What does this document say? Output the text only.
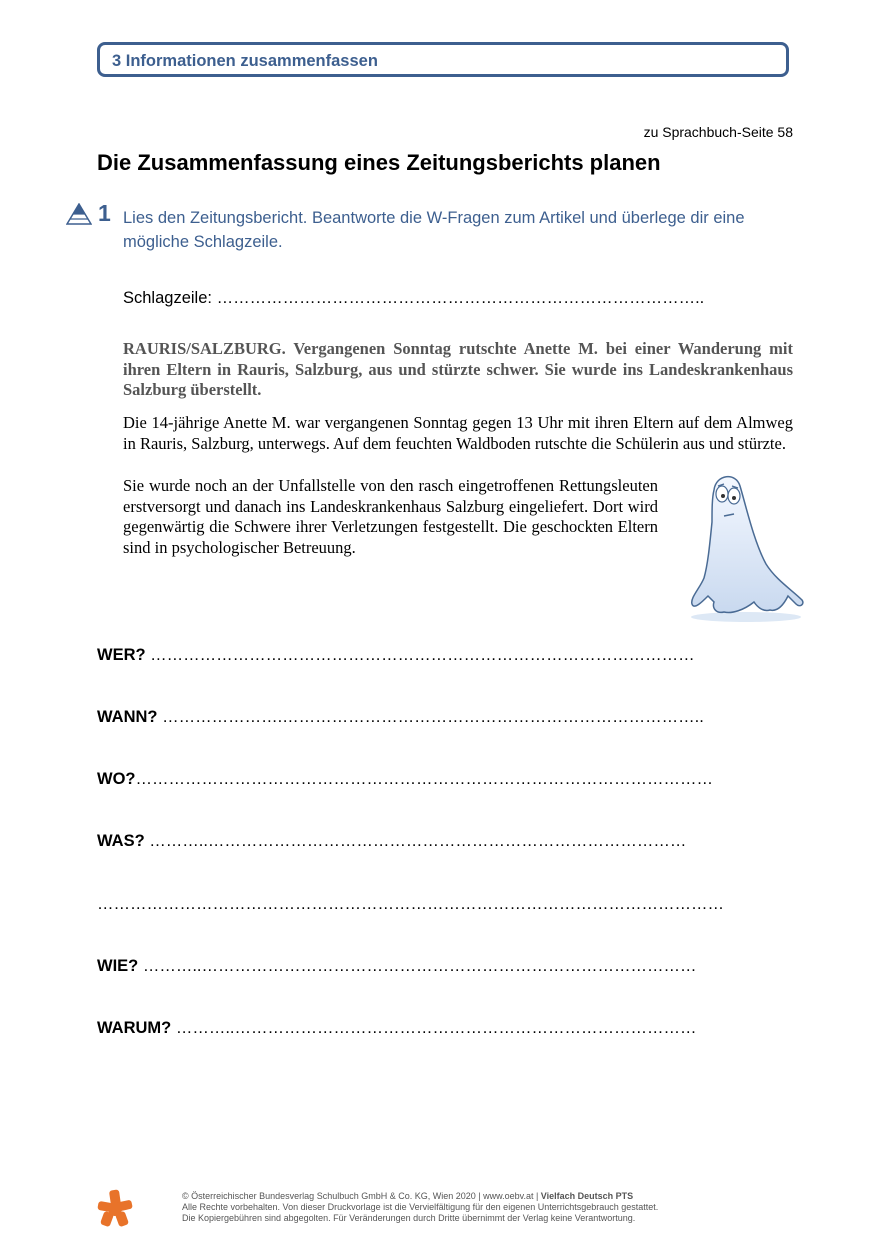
3 Informationen zusammenfassen
zu Sprachbuch-Seite 58
Die Zusammenfassung eines Zeitungsberichts planen
1 Lies den Zeitungsbericht. Beantworte die W-Fragen zum Artikel und überlege dir eine mögliche Schlagzeile.
Schlagzeile: ……………………………………………………………………………..
RAURIS/SALZBURG. Vergangenen Sonntag rutschte Anette M. bei einer Wanderung mit ihren Eltern in Rauris, Salzburg, aus und stürzte schwer. Sie wurde ins Landeskrankenhaus Salzburg überstellt.
Die 14-jährige Anette M. war vergangenen Sonntag gegen 13 Uhr mit ihren Eltern auf dem Almweg in Rauris, Salzburg, unterwegs. Auf dem feuchten Waldboden rutschte die Schülerin aus und stürzte.
Sie wurde noch an der Unfallstelle von den rasch eingetroffenen Rettungsleuten erstversorgt und danach ins Landeskrankenhaus Salzburg eingeliefert. Dort wird gegenwärtig die Schwere ihrer Verletzungen festgestellt. Die geschockten Eltern sind in psychologischer Betreuung.
WER? ………………………………………………………………………………………
WANN? ………………….…………………………………………………………………..
WO?……………………………………………………………………………………………
WAS? ………..……………………………………………………………………………
……………………………………………………………………………………………………
WIE? ………..………………………………………………………………………………
WARUM? ………..…………………………………………………………………………
© Österreichischer Bundesverlag Schulbuch GmbH & Co. KG, Wien 2020 | www.oebv.at | Vielfach Deutsch PTS
Alle Rechte vorbehalten. Von dieser Druckvorlage ist die Vervielfältigung für den eigenen Unterrichtsgebrauch gestattet.
Die Kopiergebühren sind abgegolten. Für Veränderungen durch Dritte übernimmt der Verlag keine Verantwortung.
